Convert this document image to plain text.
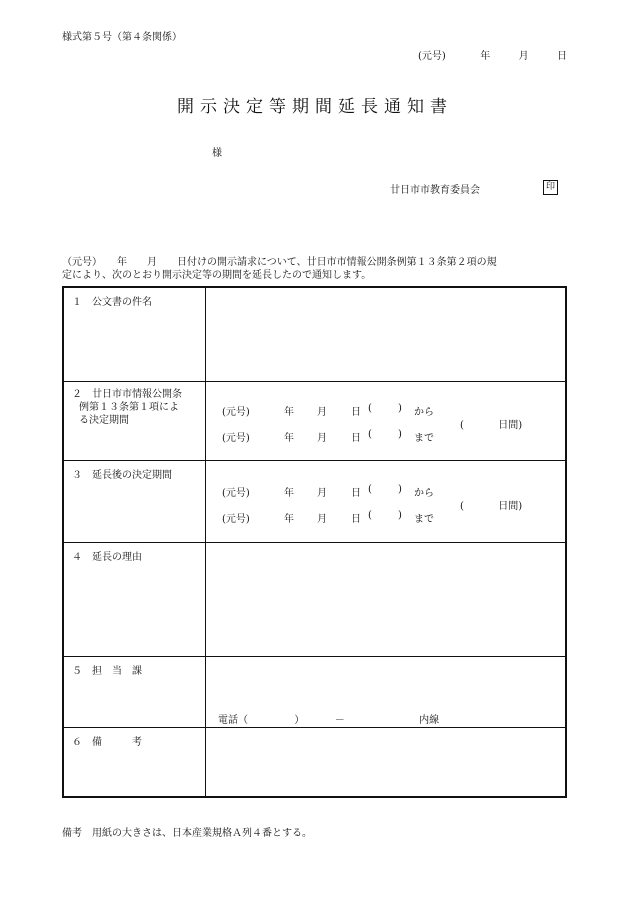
様式第５号（第４条関係）
(元号)	年	月	日
開示決定等期間延長通知書
様
廿日市市教育委員会	印
（元号）　　年　　月　　日付けの開示請求について、廿日市市情報公開条例第１３条第２項の規
定により、次のとおり開示決定等の期間を延長したので通知します。
１　公文書の件名
２　廿日市市情報公開条
例第１３条第１項によ
る決定期間
(元号)	年 月 日 (	) から
(元号)	年 月 日 (	) まで
(	日間)
３　延長後の決定期間
(元号)	年 月 日 (	) から
(元号)	年 月 日 (	) まで
(	日間)
４　延長の理由
５　担　当　課
電話（	）	－	内線
６　備　　　考
備考　用紙の大きさは、日本産業規格Ａ列４番とする。
